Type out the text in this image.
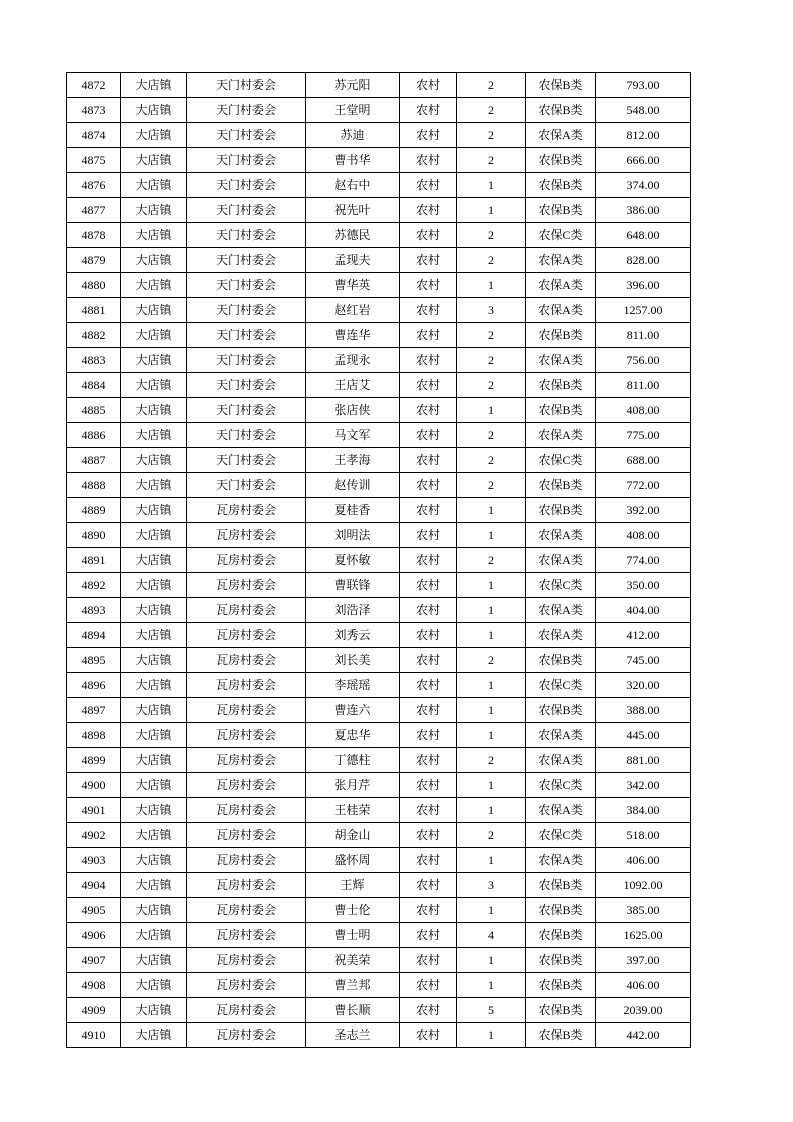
4872	大店镇	天门村委会	苏元阳	农村	2	农保B类	793.00
4873	大店镇	天门村委会	王堂明	农村	2	农保B类	548.00
4874	大店镇	天门村委会	苏迪	农村	2	农保A类	812.00
4875	大店镇	天门村委会	曹书华	农村	2	农保B类	666.00
4876	大店镇	天门村委会	赵右中	农村	1	农保B类	374.00
4877	大店镇	天门村委会	祝先叶	农村	1	农保B类	386.00
4878	大店镇	天门村委会	苏德民	农村	2	农保C类	648.00
4879	大店镇	天门村委会	孟现夫	农村	2	农保A类	828.00
4880	大店镇	天门村委会	曹华英	农村	1	农保A类	396.00
4881	大店镇	天门村委会	赵红岩	农村	3	农保A类	1257.00
4882	大店镇	天门村委会	曹连华	农村	2	农保B类	811.00
4883	大店镇	天门村委会	孟现永	农村	2	农保A类	756.00
4884	大店镇	天门村委会	王店艾	农村	2	农保B类	811.00
4885	大店镇	天门村委会	张店侠	农村	1	农保B类	408.00
4886	大店镇	天门村委会	马文军	农村	2	农保A类	775.00
4887	大店镇	天门村委会	王孝海	农村	2	农保C类	688.00
4888	大店镇	天门村委会	赵传训	农村	2	农保B类	772.00
4889	大店镇	瓦房村委会	夏桂香	农村	1	农保B类	392.00
4890	大店镇	瓦房村委会	刘明法	农村	1	农保A类	408.00
4891	大店镇	瓦房村委会	夏怀敏	农村	2	农保A类	774.00
4892	大店镇	瓦房村委会	曹联锋	农村	1	农保C类	350.00
4893	大店镇	瓦房村委会	刘浩泽	农村	1	农保A类	404.00
4894	大店镇	瓦房村委会	刘秀云	农村	1	农保A类	412.00
4895	大店镇	瓦房村委会	刘长美	农村	2	农保B类	745.00
4896	大店镇	瓦房村委会	李瑶瑶	农村	1	农保C类	320.00
4897	大店镇	瓦房村委会	曹连六	农村	1	农保B类	388.00
4898	大店镇	瓦房村委会	夏忠华	农村	1	农保A类	445.00
4899	大店镇	瓦房村委会	丁德柱	农村	2	农保A类	881.00
4900	大店镇	瓦房村委会	张月芹	农村	1	农保C类	342.00
4901	大店镇	瓦房村委会	王桂荣	农村	1	农保A类	384.00
4902	大店镇	瓦房村委会	胡金山	农村	2	农保C类	518.00
4903	大店镇	瓦房村委会	盛怀周	农村	1	农保A类	406.00
4904	大店镇	瓦房村委会	王辉	农村	3	农保B类	1092.00
4905	大店镇	瓦房村委会	曹士伦	农村	1	农保B类	385.00
4906	大店镇	瓦房村委会	曹士明	农村	4	农保B类	1625.00
4907	大店镇	瓦房村委会	祝美荣	农村	1	农保B类	397.00
4908	大店镇	瓦房村委会	曹兰邦	农村	1	农保B类	406.00
4909	大店镇	瓦房村委会	曹长顺	农村	5	农保B类	2039.00
4910	大店镇	瓦房村委会	圣志兰	农村	1	农保B类	442.00
